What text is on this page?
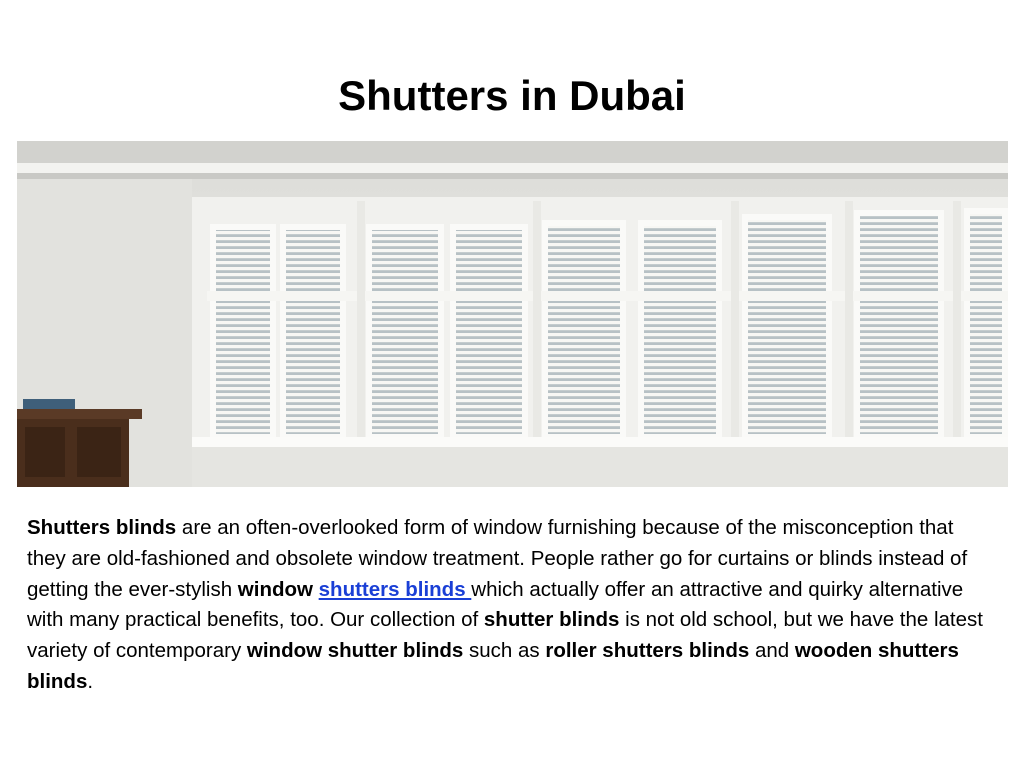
Shutters in Dubai

Shutters blinds are an often-overlooked form of window furnishing because of the misconception that they are old-fashioned and obsolete window treatment. People rather go for curtains or blinds instead of getting the ever-stylish window shutters blinds which actually offer an attractive and quirky alternative with many practical benefits, too. Our collection of shutter blinds is not old school, but we have the latest variety of contemporary window shutter blinds such as roller shutters blinds and wooden shutters blinds.
